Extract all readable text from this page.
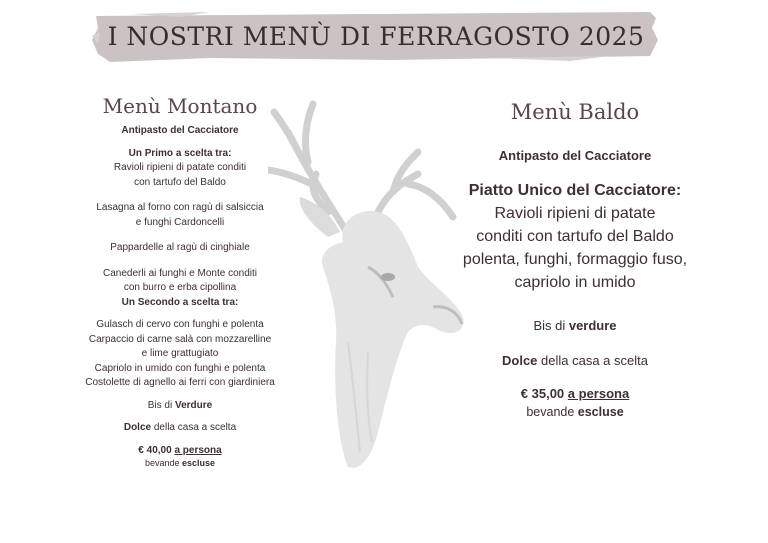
I NOSTRI MENÙ DI FERRAGOSTO 2025
Menù Montano
Antipasto del Cacciatore
Un Primo a scelta tra:
Ravioli ripieni di patate conditi
con tartufo del Baldo
Lasagna al forno con ragù di salsiccia
e funghi Cardoncelli
Pappardelle al ragù di cinghiale
Canederli ai funghi e Monte conditi
con burro e erba cipollina
Un Secondo a scelta tra:
Gulasch di cervo con funghi e polenta
Carpaccio di carne salà con mozzarelline
e lime grattugiato
Capriolo in umido con funghi e polenta
Costolette di agnello ai ferri con giardiniera
Bis di Verdure
Dolce della casa a scelta
€ 40,00 a persona
bevande escluse
Menù Baldo
Antipasto del Cacciatore
Piatto Unico del Cacciatore:
Ravioli ripieni di patate
conditi con tartufo del Baldo
polenta, funghi, formaggio fuso,
capriolo in umido
Bis di verdure
Dolce della casa a scelta
€ 35,00 a persona
bevande escluse
